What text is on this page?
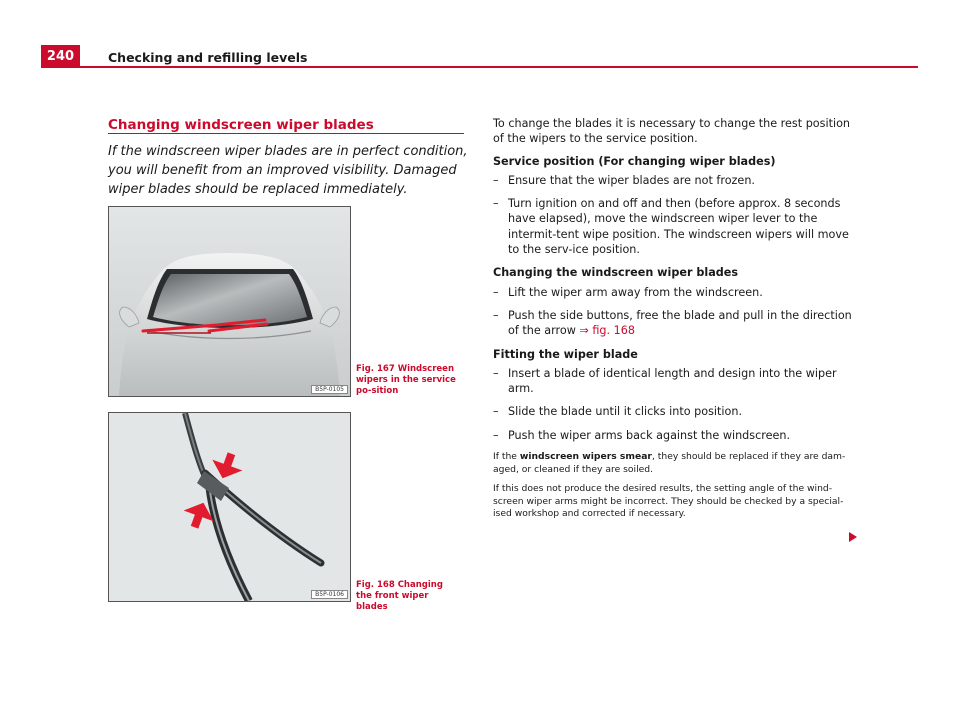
240	Checking and refilling levels
Changing windscreen wiper blades
If the windscreen wiper blades are in perfect condition, you will benefit from an improved visibility. Damaged wiper blades should be replaced immediately.
B5P-0105
Fig. 167 Windscreen wipers in the service po-sition
B5P-0106
Fig. 168 Changing the front wiper blades

To change the blades it is necessary to change the rest position of the wipers to the service position.

Service position (For changing wiper blades)
– Ensure that the wiper blades are not frozen.
– Turn ignition on and off and then (before approx. 8 seconds have elapsed), move the windscreen wiper lever to the intermit-tent wipe position. The windscreen wipers will move to the serv-ice position.
Changing the windscreen wiper blades
– Lift the wiper arm away from the windscreen.
– Push the side buttons, free the blade and pull in the direction of the arrow ⇒ fig. 168
Fitting the wiper blade
– Insert a blade of identical length and design into the wiper arm.
– Slide the blade until it clicks into position.
– Push the wiper arms back against the windscreen.

If the windscreen wipers smear, they should be replaced if they are dam-aged, or cleaned if they are soiled.

If this does not produce the desired results, the setting angle of the wind-screen wiper arms might be incorrect. They should be checked by a special-ised workshop and corrected if necessary.
